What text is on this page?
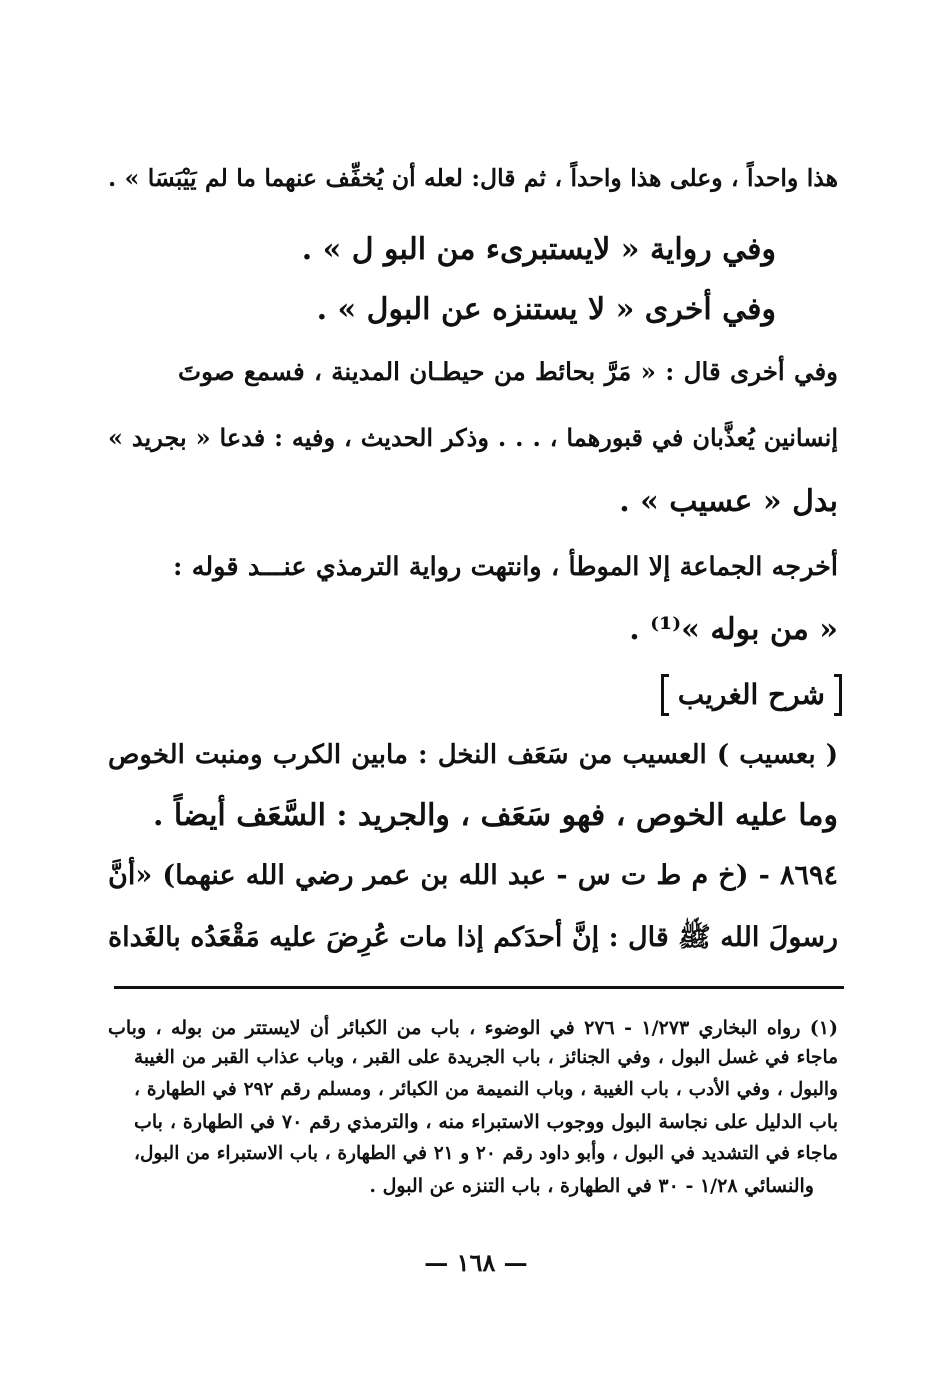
هذا واحداً ، وعلى هذا واحداً ، ثم قال: لعله أن يُخفِّف عنهما ما لم يَيْبَسَا » .
وفي رواية « لايستبرىء من البو ل » .
وفي أخرى « لا يستنزه عن البول » .
وفي أخرى قال : « مَرَّ بحائط من حيطـان المدينة ، فسمع صوتَ
إنسانين يُعذَّبان في قبورهما ، . . . وذكر الحديث ، وفيه : فدعا « بجريد »
بدل « عسيب » .
أخرجه الجماعة إلا الموطأ ، وانتهت رواية الترمذي عنـــد قوله :
« من بوله »⁽¹⁾ .
شرح الغريب
( بعسيب ) العسيب من سَعَف النخل : مابين الكرب ومنبت الخوص
وما عليه الخوص ، فهو سَعَف ، والجريد : السَّعَف أيضاً .
٨٦٩٤ - (خ م ط ت س - عبد الله بن عمر رضي الله عنهما) «أنَّ
رسولَ الله ﷺ قال : إنَّ أحدَكم إذا مات عُرِضَ عليه مَقْعَدُه بالغَداة
(١) رواه البخاري ١/٢٧٣ - ٢٧٦ في الوضوء ، باب من الكبائر أن لايستتر من بوله ، وباب
ماجاء في غسل البول ، وفي الجنائز ، باب الجريدة على القبر ، وباب عذاب القبر من الغيبة
والبول ، وفي الأدب ، باب الغيبة ، وباب النميمة من الكبائر ، ومسلم رقم ٢٩٢ في الطهارة ،
باب الدليل على نجاسة البول ووجوب الاستبراء منه ، والترمذي رقم ٧٠ في الطهارة ، باب
ماجاء في التشديد في البول ، وأبو داود رقم ٢٠ و ٢١ في الطهارة ، باب الاستبراء من البول،
والنسائي ١/٢٨ - ٣٠ في الطهارة ، باب التنزه عن البول .
— ١٦٨ —
